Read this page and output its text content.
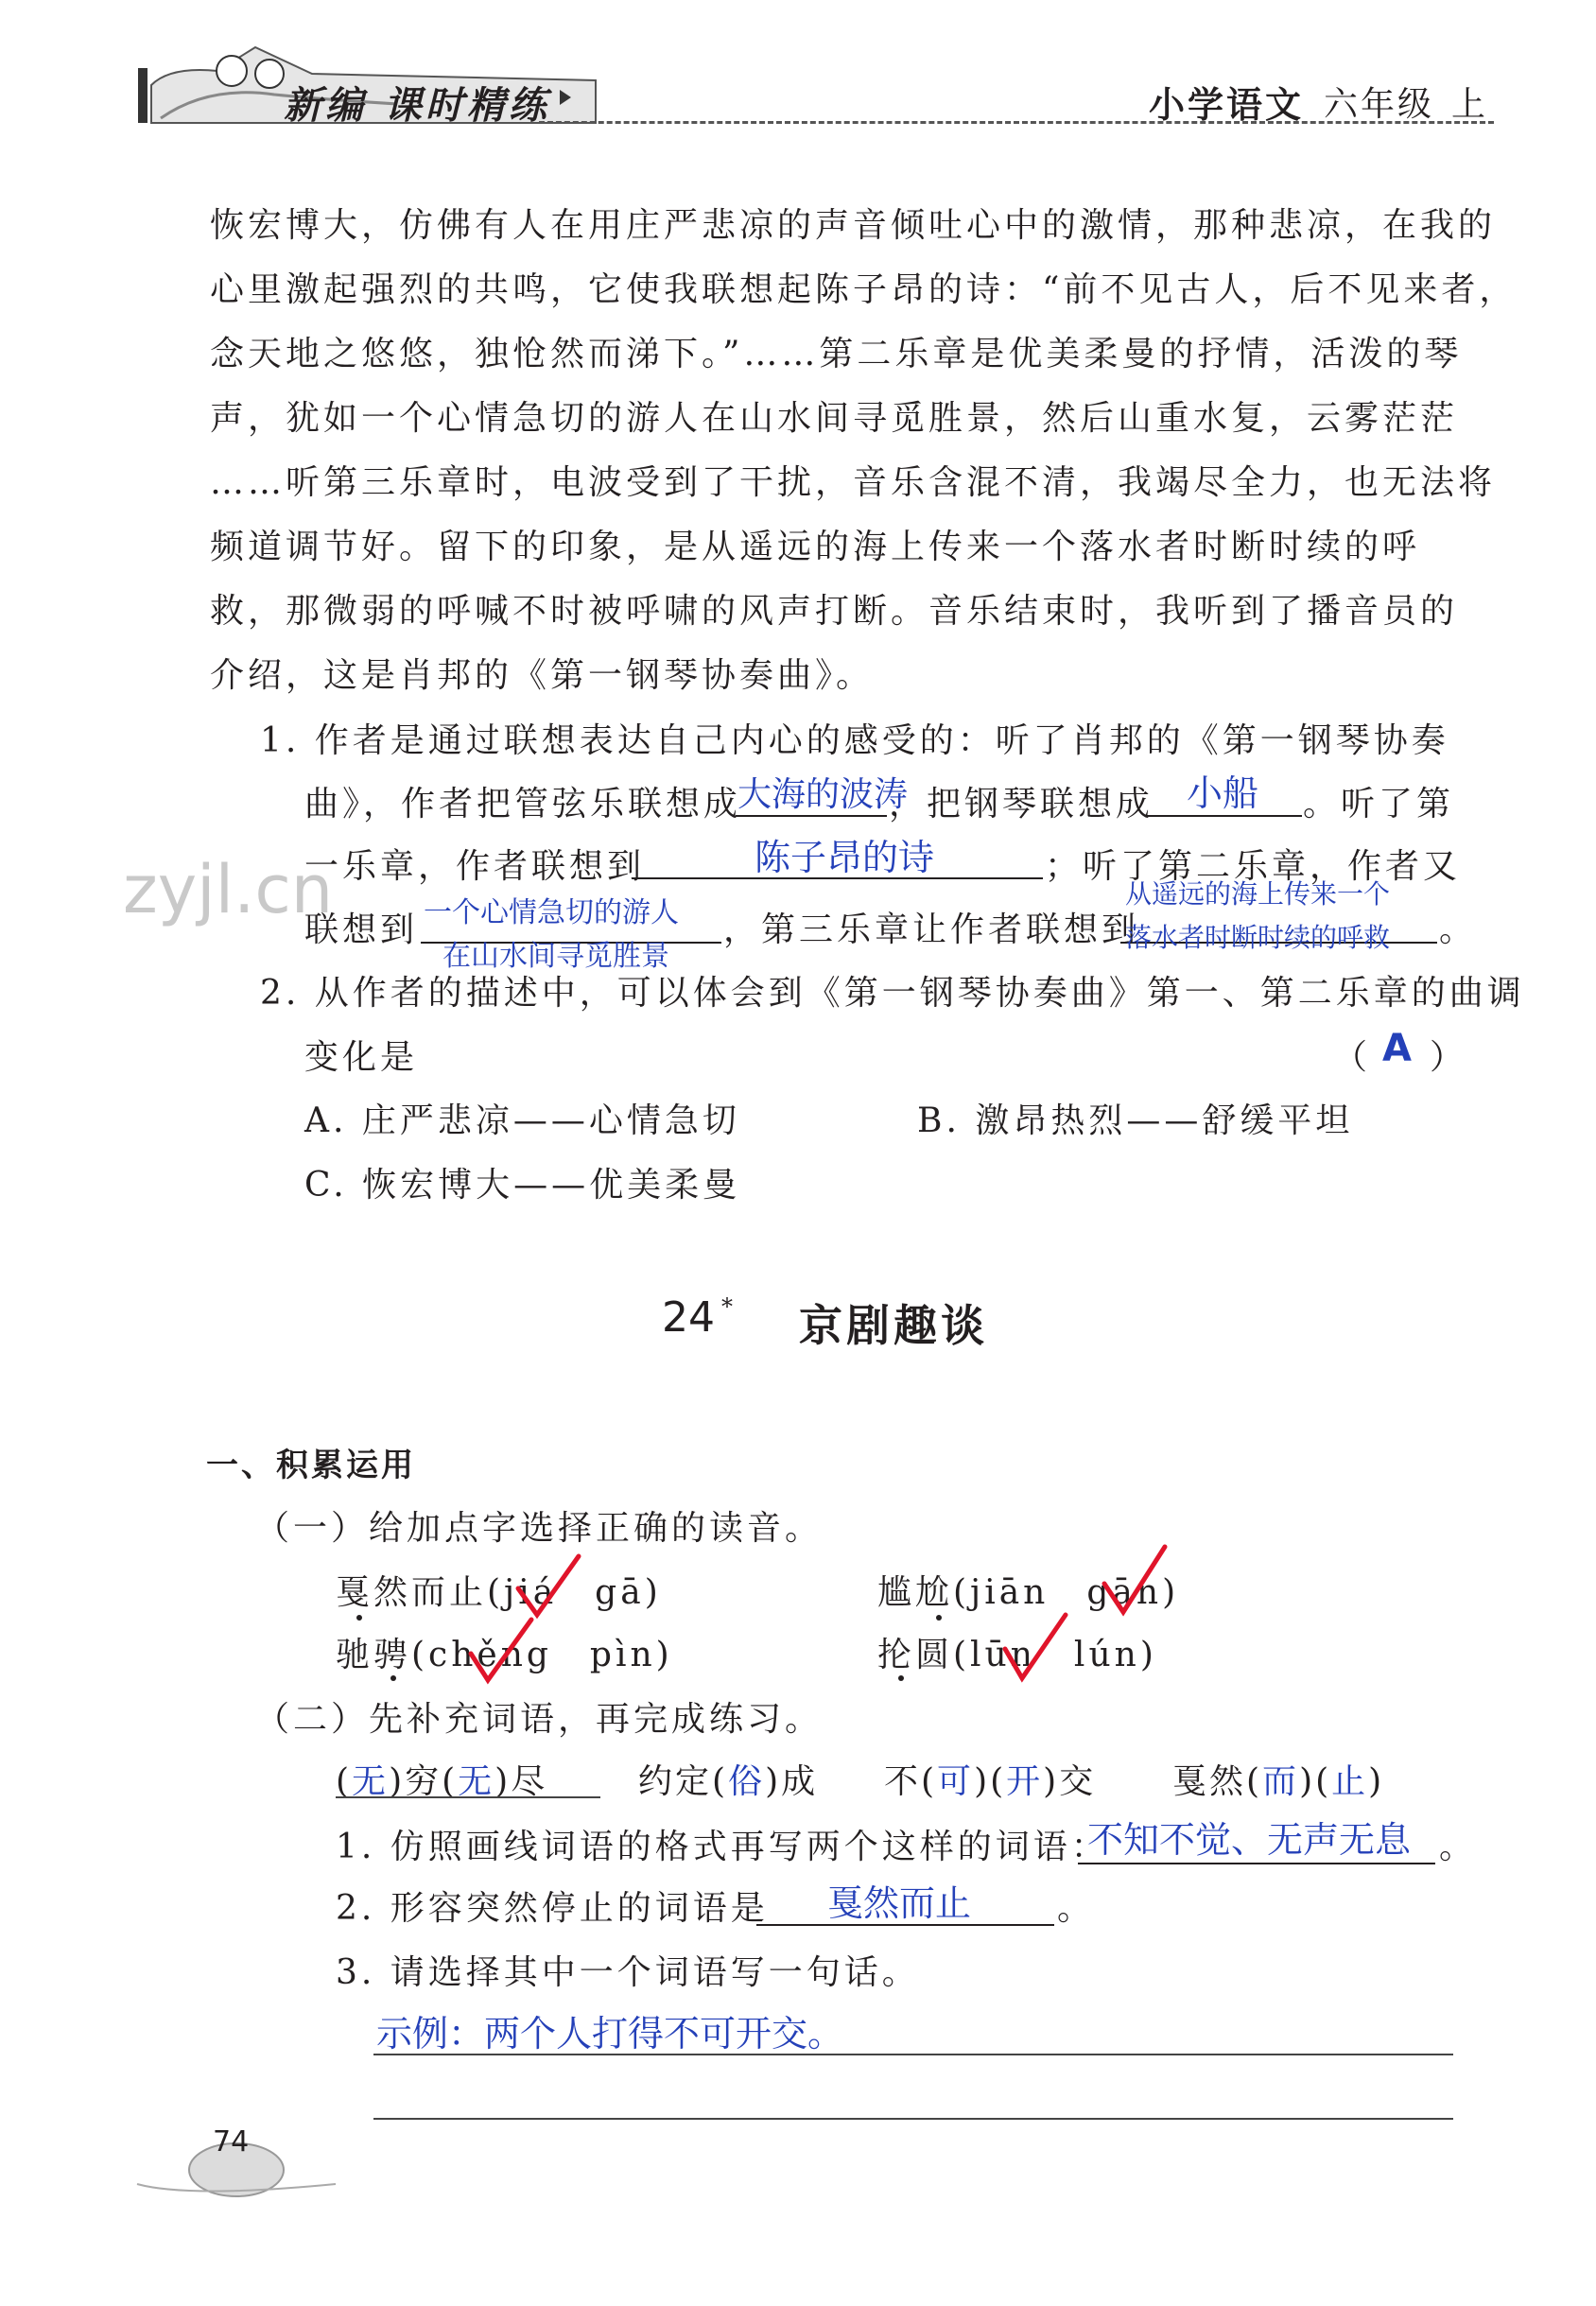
新编 课时精练	小学语文 六年级 上
恢宏博大，仿佛有人在用庄严悲凉的声音倾吐心中的激情，那种悲凉，在我的
心里激起强烈的共鸣，它使我联想起陈子昂的诗：“前不见古人，后不见来者，
念天地之悠悠，独怆然而涕下。”……第二乐章是优美柔曼的抒情，活泼的琴
声，犹如一个心情急切的游人在山水间寻觅胜景，然后山重水复，云雾茫茫
……听第三乐章时，电波受到了干扰，音乐含混不清，我竭尽全力，也无法将
频道调节好。留下的印象，是从遥远的海上传来一个落水者时断时续的呼
救，那微弱的呼喊不时被呼啸的风声打断。音乐结束时，我听到了播音员的
介绍，这是肖邦的《第一钢琴协奏曲》。
1. 作者是通过联想表达自己内心的感受的：听了肖邦的《第一钢琴协奏
曲》，作者把管弦乐联想成
大海的波涛
，把钢琴联想成 小船 。听了第
一乐章，作者联想到	陈子昂的诗	；听了第二乐章，作者又
联想到 一个心情急切的游人
在山水间寻觅胜景
，第三乐章让作者联想到
从遥远的海上传来一个
落水者时断时续的呼救 。
zyjl.cn
2. 从作者的描述中，可以体会到《第一钢琴协奏曲》第一、第二乐章的曲调
变化是	（ A ）
A. 庄严悲凉——心情急切	B. 激昂热烈——舒缓平坦
C. 恢宏博大——优美柔曼
24 * 京剧趣谈
一、积累运用
（一）给加点字选择正确的读音。
戛然而止(jiá　gā)	尴尬(jiān　gān)
驰骋(chěng　pìn)	抡圆(lūn　lún)
（二）先补充词语，再完成练习。
(无)穷(无)尽	约定(俗)成 不(可)(开)交 戛然(而)(止)
1. 仿照画线词语的格式再写两个这样的词语：
不知不觉、无声无息 。
2. 形容突然停止的词语是 戛然而止	。
3. 请选择其中一个词语写一句话。
示例：两个人打得不可开交。
74
